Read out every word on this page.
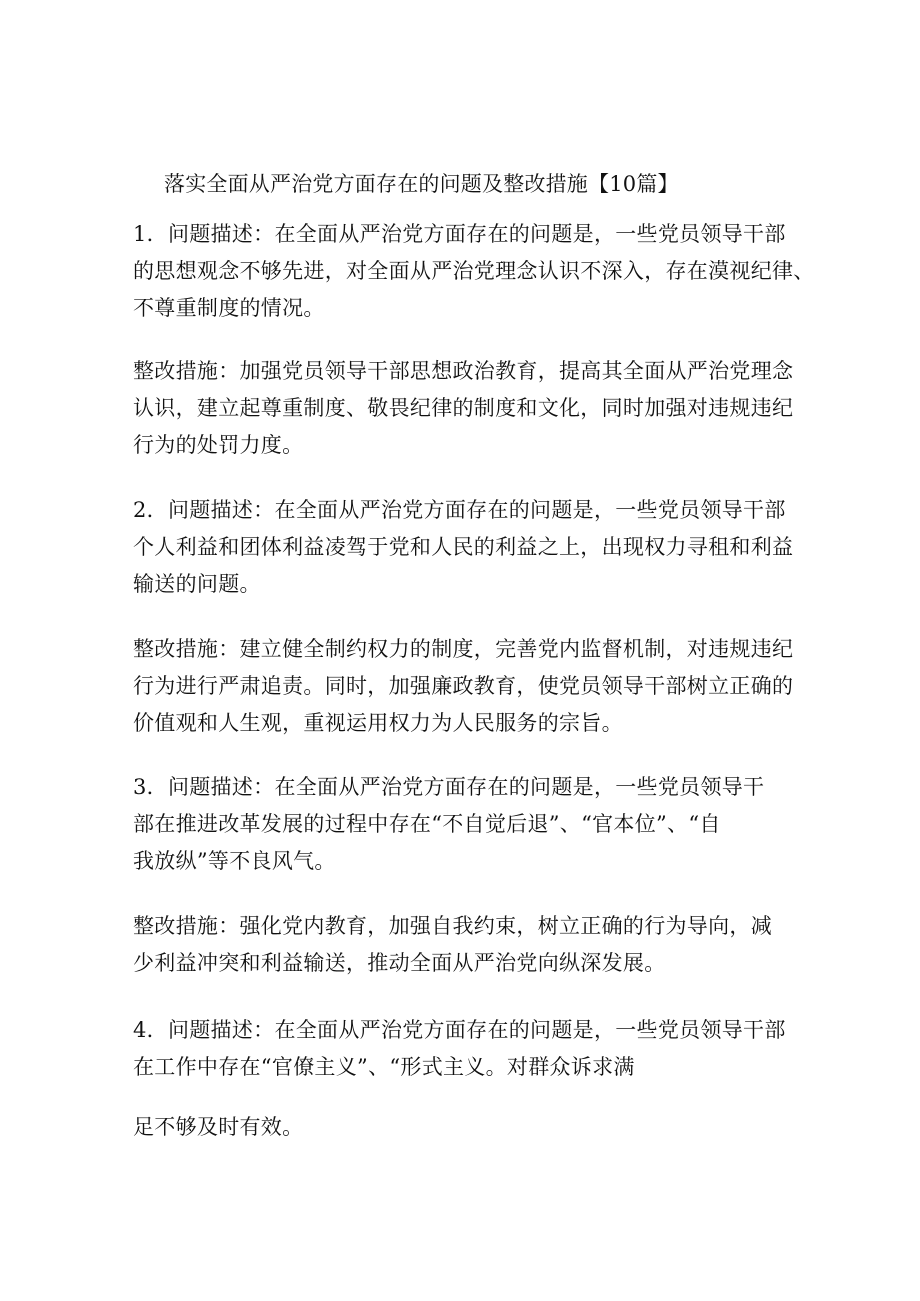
落实全面从严治党方面存在的问题及整改措施【10篇】
1．问题描述：在全面从严治党方面存在的问题是，一些党员领导干部
的思想观念不够先进，对全面从严治党理念认识不深入，存在漠视纪律、
不尊重制度的情况。
整改措施：加强党员领导干部思想政治教育，提高其全面从严治党理念
认识，建立起尊重制度、敬畏纪律的制度和文化，同时加强对违规违纪
行为的处罚力度。
2．问题描述：在全面从严治党方面存在的问题是，一些党员领导干部
个人利益和团体利益凌驾于党和人民的利益之上，出现权力寻租和利益
输送的问题。
整改措施：建立健全制约权力的制度，完善党内监督机制，对违规违纪
行为进行严肃追责。同时，加强廉政教育，使党员领导干部树立正确的
价值观和人生观，重视运用权力为人民服务的宗旨。
3．问题描述：在全面从严治党方面存在的问题是，一些党员领导干
部在推进改革发展的过程中存在“不自觉后退”、“官本位”、“自
我放纵”等不良风气。
整改措施：强化党内教育，加强自我约束，树立正确的行为导向，减
少利益冲突和利益输送，推动全面从严治党向纵深发展。
4．问题描述：在全面从严治党方面存在的问题是，一些党员领导干部
在工作中存在“官僚主义”、“形式主义。对群众诉求满
足不够及时有效。
